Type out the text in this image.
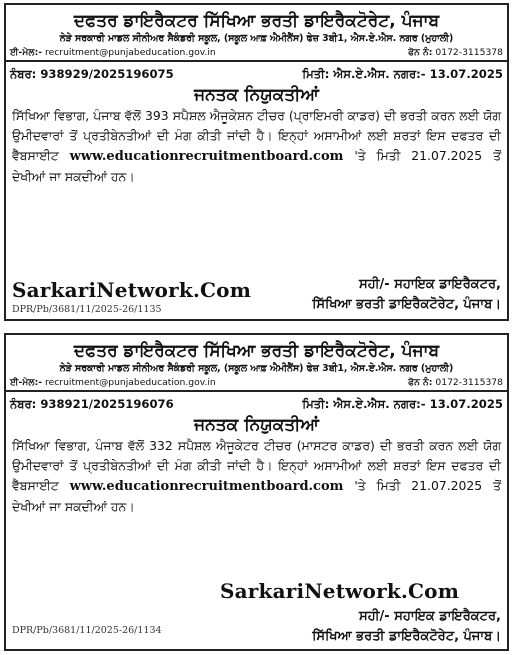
ਦਫਤਰ ਡਾਇਰੈਕਟਰ ਸਿੱਖਿਆ ਭਰਤੀ ਡਾਇਰੈਕਟੋਰੇਟ, ਪੰਜਾਬ
ਨੇੜੇ ਸਰਕਾਰੀ ਮਾਡਲ ਸੀਨੀਅਰ ਸੈਕੰਡਰੀ ਸਕੂਲ, (ਸਕੂਲ ਆਫ਼ ਐਮੀਨੈਂਸ) ਫੇਜ਼ 3ਬੀ1, ਐਸ.ਏ.ਐਸ. ਨਗਰ (ਮੁਹਾਲੀ)
ਈ-ਮੇਲ:- recruitment@punjabeducation.gov.in	ਫੋਨ ਨੰ: 0172-3115378
ਨੰਬਰ: 938929/2025196075	ਮਿਤੀ: ਐਸ.ਏ.ਐਸ. ਨਗਰ:- 13.07.2025
ਜਨਤਕ ਨਿਯੁਕਤੀਆਂ
ਸਿੱਖਿਆ ਵਿਭਾਗ, ਪੰਜਾਬ ਵੱਲੋਂ 393 ਸਪੈਸ਼ਲ ਐਜੂਕੇਸ਼ਨ ਟੀਚਰ (ਪ੍ਰਾਇਮਰੀ ਕਾਡਰ) ਦੀ ਭਰਤੀ ਕਰਨ ਲਈ ਯੋਗ ਉਮੀਦਵਾਰਾਂ ਤੋਂ ਪ੍ਰਤੀਬੇਨਤੀਆਂ ਦੀ ਮੰਗ ਕੀਤੀ ਜਾਂਦੀ ਹੈ। ਇਨ੍ਹਾਂ ਅਸਾਮੀਆਂ ਲਈ ਸ਼ਰਤਾਂ ਇਸ ਦਫਤਰ ਦੀ ਵੈੱਬਸਾਈਟ www.educationrecruitmentboard.com 'ਤੇ ਮਿਤੀ 21.07.2025 ਤੋਂ ਦੇਖੀਆਂ ਜਾ ਸਕਦੀਆਂ ਹਨ।
SarkariNetwork.Com	ਸਹੀ/- ਸਹਾਇਕ ਡਾਇਰੈਕਟਰ,
ਸਿੱਖਿਆ ਭਰਤੀ ਡਾਇਰੈਕਟੋਰੇਟ, ਪੰਜਾਬ।
DPR/Pb/3681/11/2025-26/1135
ਦਫਤਰ ਡਾਇਰੈਕਟਰ ਸਿੱਖਿਆ ਭਰਤੀ ਡਾਇਰੈਕਟੋਰੇਟ, ਪੰਜਾਬ
ਨੇੜੇ ਸਰਕਾਰੀ ਮਾਡਲ ਸੀਨੀਅਰ ਸੈਕੰਡਰੀ ਸਕੂਲ, (ਸਕੂਲ ਆਫ਼ ਐਮੀਨੈਂਸ) ਫੇਜ਼ 3ਬੀ1, ਐਸ.ਏ.ਐਸ. ਨਗਰ (ਮੁਹਾਲੀ)
ਈ-ਮੇਲ:- recruitment@punjabeducation.gov.in	ਫੋਨ ਨੰ: 0172-3115378
ਨੰਬਰ: 938921/2025196076	ਮਿਤੀ: ਐਸ.ਏ.ਐਸ. ਨਗਰ:- 13.07.2025
ਜਨਤਕ ਨਿਯੁਕਤੀਆਂ
ਸਿੱਖਿਆ ਵਿਭਾਗ, ਪੰਜਾਬ ਵੱਲੋਂ 332 ਸਪੈਸ਼ਲ ਐਜੂਕੇਟਰ ਟੀਚਰ (ਮਾਸਟਰ ਕਾਡਰ) ਦੀ ਭਰਤੀ ਕਰਨ ਲਈ ਯੋਗ ਉਮੀਦਵਾਰਾਂ ਤੋਂ ਪ੍ਰਤੀਬੇਨਤੀਆਂ ਦੀ ਮੰਗ ਕੀਤੀ ਜਾਂਦੀ ਹੈ। ਇਨ੍ਹਾਂ ਅਸਾਮੀਆਂ ਲਈ ਸ਼ਰਤਾਂ ਇਸ ਦਫਤਰ ਦੀ ਵੈੱਬਸਾਈਟ www.educationrecruitmentboard.com 'ਤੇ ਮਿਤੀ 21.07.2025 ਤੋਂ ਦੇਖੀਆਂ ਜਾ ਸਕਦੀਆਂ ਹਨ।
SarkariNetwork.Com
ਸਹੀ/- ਸਹਾਇਕ ਡਾਇਰੈਕਟਰ,
ਸਿੱਖਿਆ ਭਰਤੀ ਡਾਇਰੈਕਟੋਰੇਟ, ਪੰਜਾਬ।
DPR/Pb/3681/11/2025-26/1134
